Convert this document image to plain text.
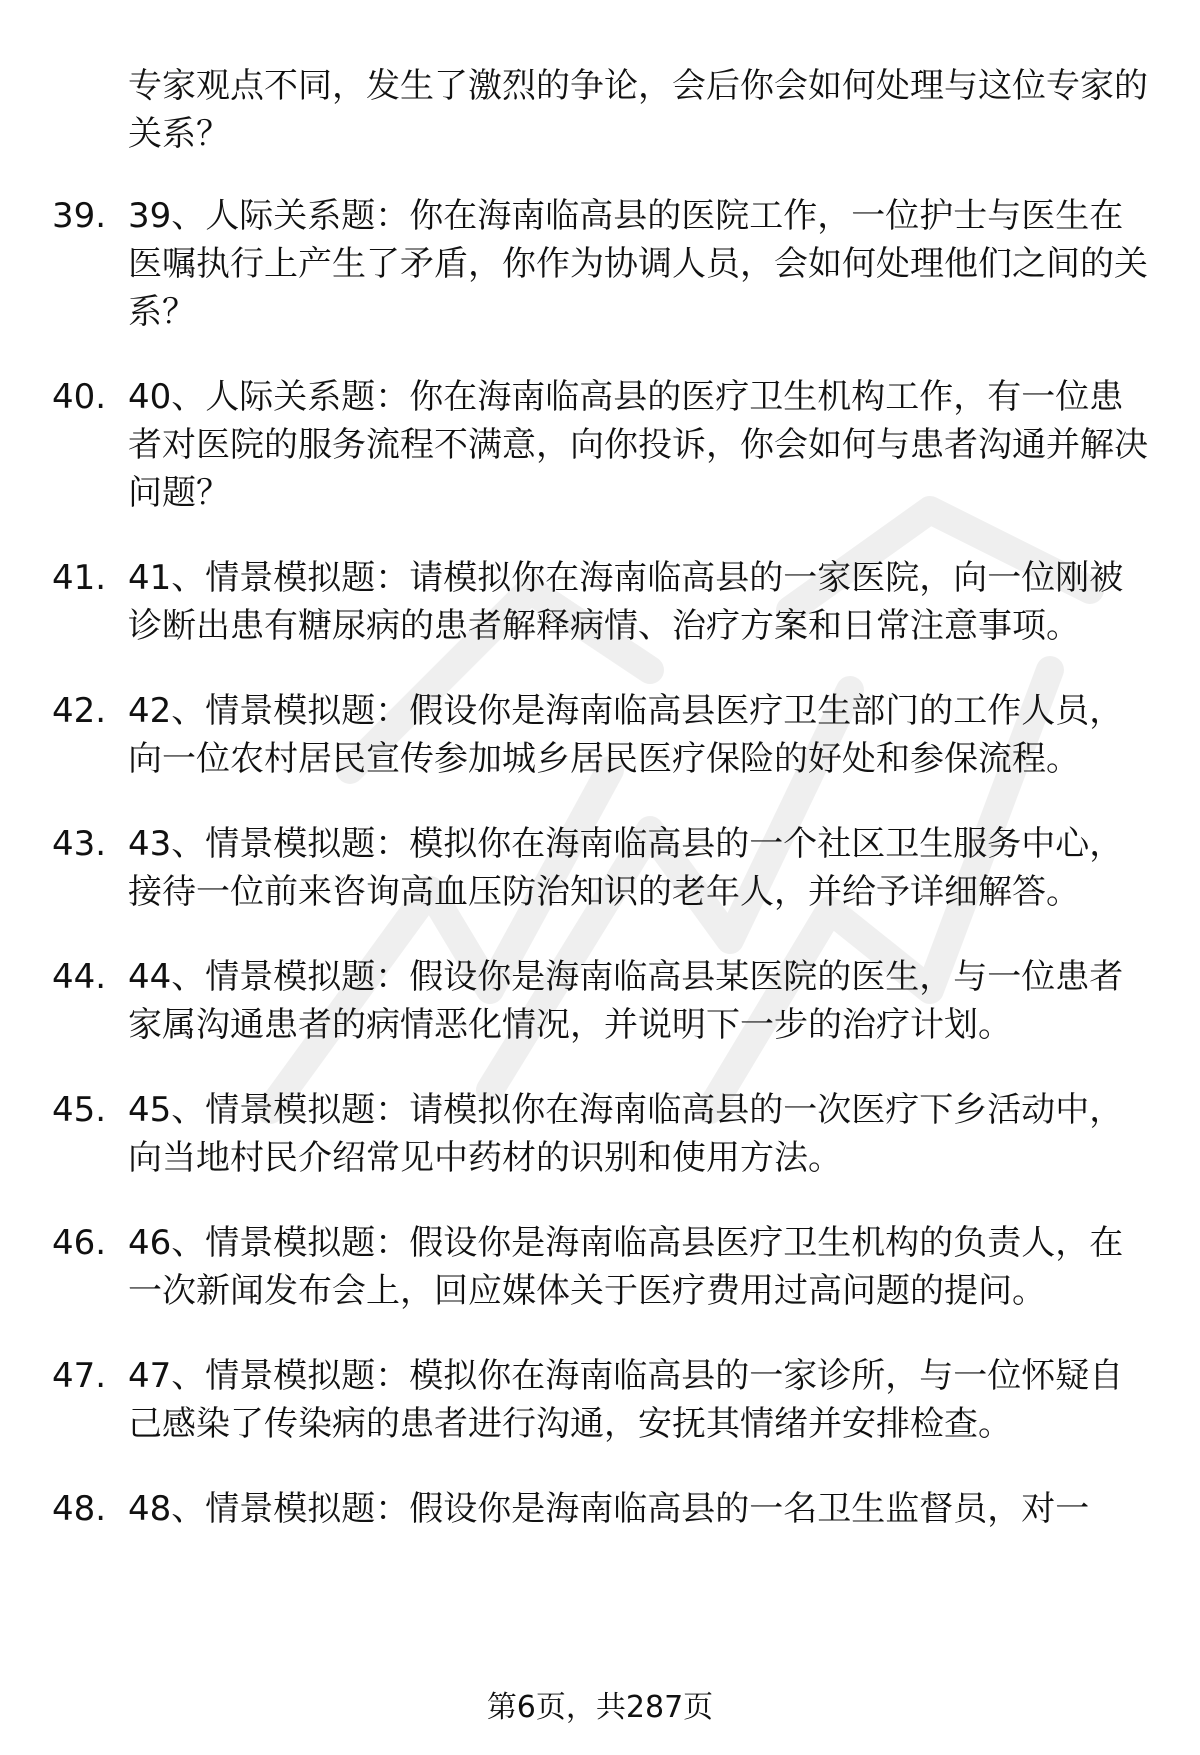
专家观点不同，发生了激烈的争论，会后你会如何处理与这位专家的关系？

39. 39、人际关系题：你在海南临高县的医院工作，一位护士与医生在医嘱执行上产生了矛盾，你作为协调人员，会如何处理他们之间的关系？
40. 40、人际关系题：你在海南临高县的医疗卫生机构工作，有一位患者对医院的服务流程不满意，向你投诉，你会如何与患者沟通并解决问题？
41. 41、情景模拟题：请模拟你在海南临高县的一家医院，向一位刚被诊断出患有糖尿病的患者解释病情、治疗方案和日常注意事项。
42. 42、情景模拟题：假设你是海南临高县医疗卫生部门的工作人员，向一位农村居民宣传参加城乡居民医疗保险的好处和参保流程。
43. 43、情景模拟题：模拟你在海南临高县的一个社区卫生服务中心，接待一位前来咨询高血压防治知识的老年人，并给予详细解答。
44. 44、情景模拟题：假设你是海南临高县某医院的医生，与一位患者家属沟通患者的病情恶化情况，并说明下一步的治疗计划。
45. 45、情景模拟题：请模拟你在海南临高县的一次医疗下乡活动中，向当地村民介绍常见中药材的识别和使用方法。
46. 46、情景模拟题：假设你是海南临高县医疗卫生机构的负责人，在一次新闻发布会上，回应媒体关于医疗费用过高问题的提问。
47. 47、情景模拟题：模拟你在海南临高县的一家诊所，与一位怀疑自己感染了传染病的患者进行沟通，安抚其情绪并安排检查。
48. 48、情景模拟题：假设你是海南临高县的一名卫生监督员，对一
第6页，共287页
